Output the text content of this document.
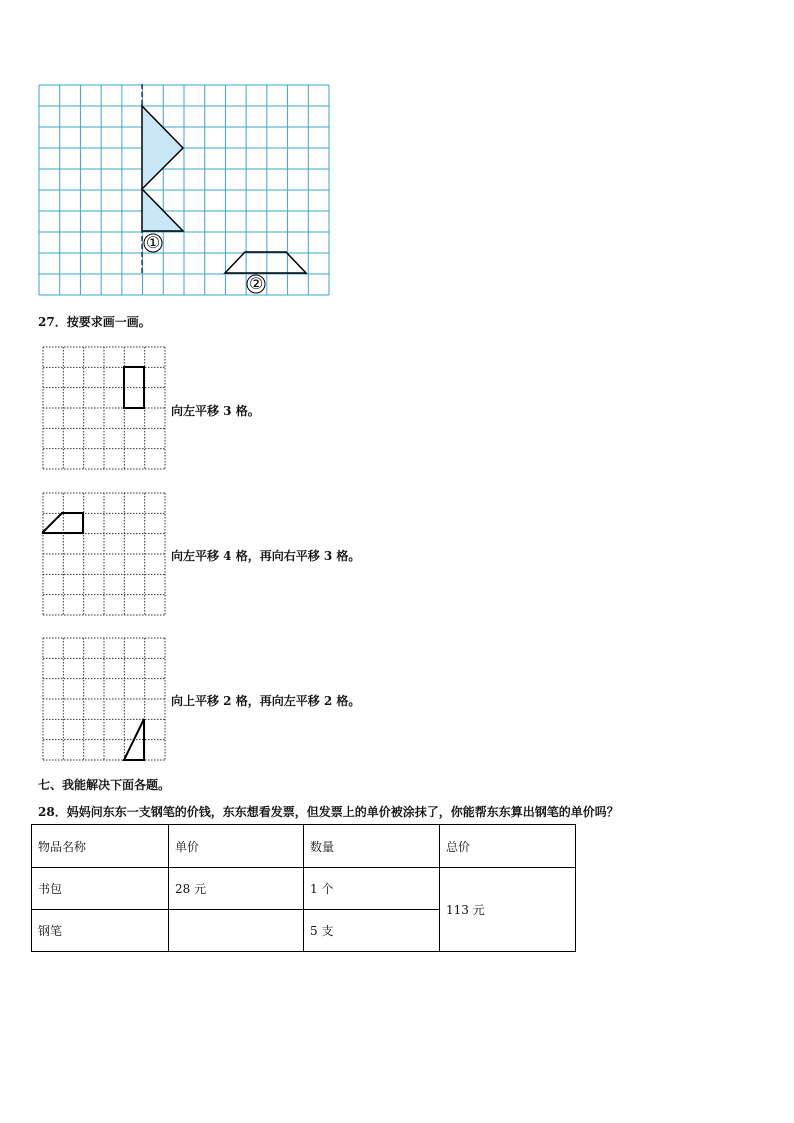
①
②
27．按要求画一画。
向左平移 3 格。
向左平移 4 格，再向右平移 3 格。
向上平移 2 格，再向左平移 2 格。
七、我能解决下面各题。
28．妈妈问东东一支钢笔的价钱，东东想看发票，但发票上的单价被涂抹了，你能帮东东算出钢笔的单价吗？
物品名称	单价	数量	总价
书包	28 元	1 个	113 元
钢笔		5 支	
